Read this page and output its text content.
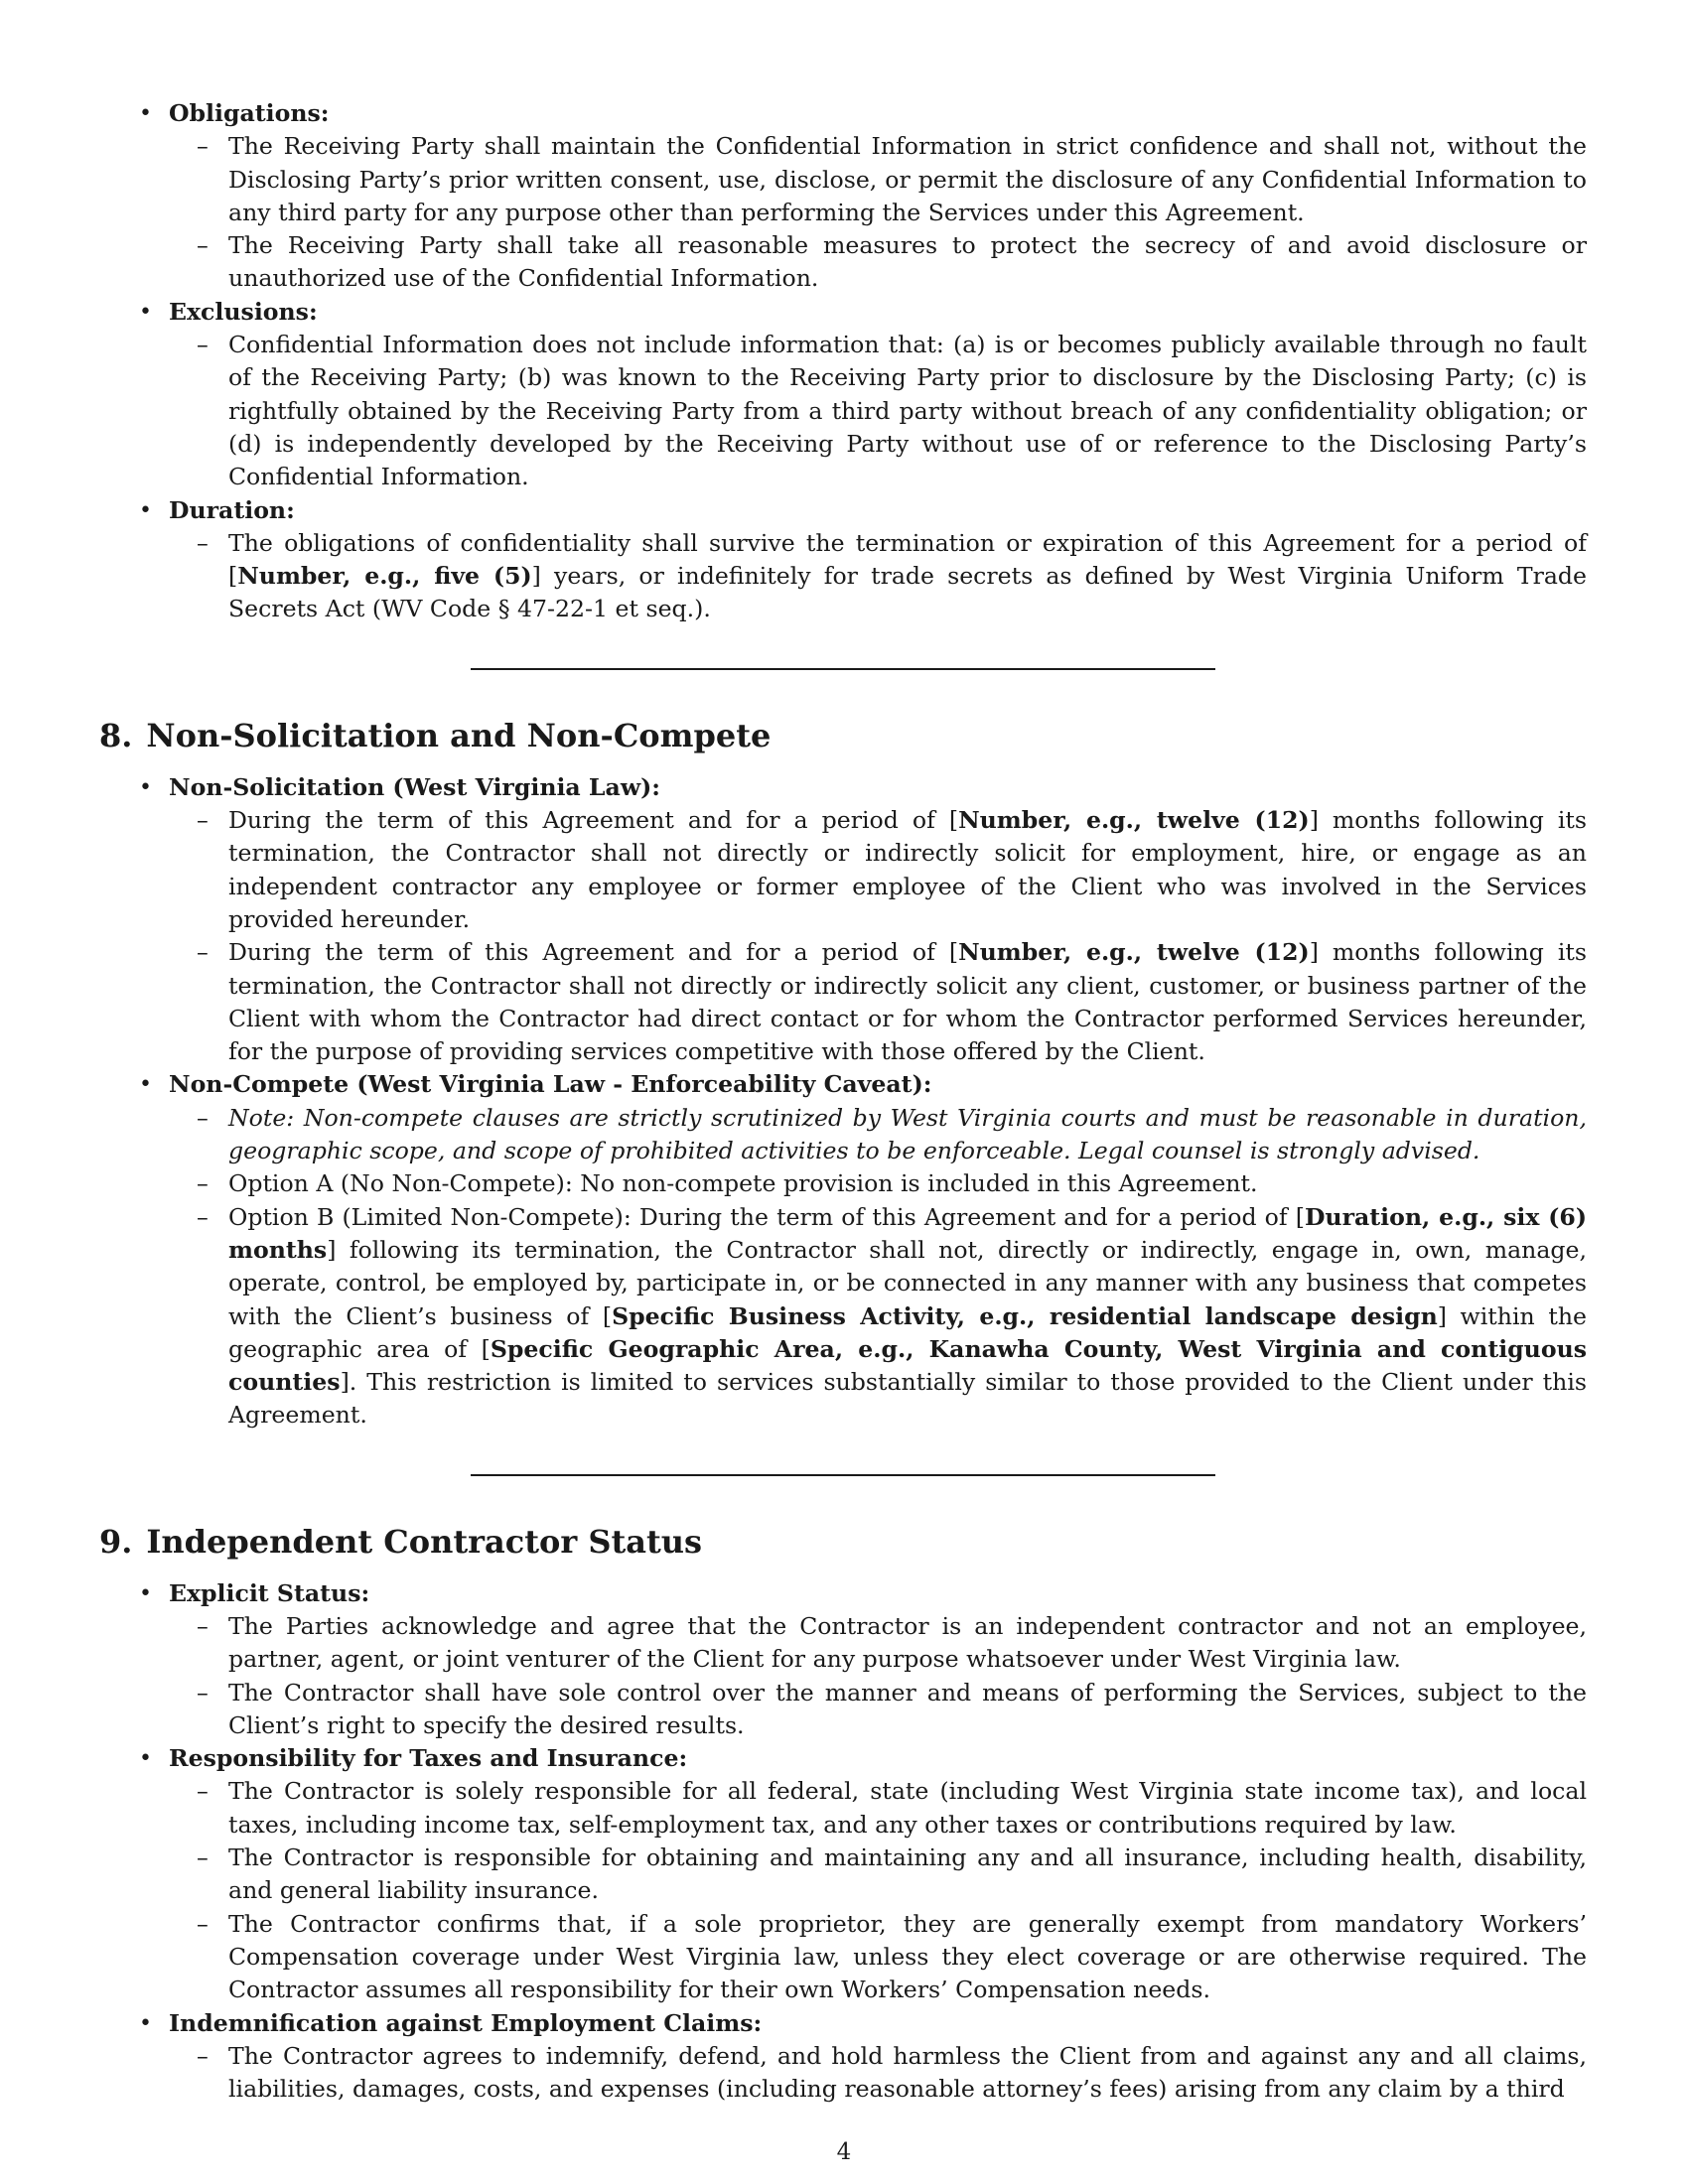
• Obligations:
– The Receiving Party shall maintain the Confidential Information in strict confidence and shall not, without the Disclosing Party’s prior written consent, use, disclose, or permit the disclosure of any Confidential Information to any third party for any purpose other than performing the Services under this Agreement.
– The Receiving Party shall take all reasonable measures to protect the secrecy of and avoid disclosure or unauthorized use of the Confidential Information.
• Exclusions:
– Confidential Information does not include information that: (a) is or becomes publicly available through no fault of the Receiving Party; (b) was known to the Receiving Party prior to disclosure by the Disclosing Party; (c) is rightfully obtained by the Receiving Party from a third party without breach of any confidentiality obligation; or (d) is independently developed by the Receiving Party without use of or reference to the Disclosing Party’s Confidential Information.
• Duration:
– The obligations of confidentiality shall survive the termination or expiration of this Agreement for a period of [Number, e.g., five (5)] years, or indefinitely for trade secrets as defined by West Virginia Uniform Trade Secrets Act (WV Code § 47-22-1 et seq.).
8. Non-Solicitation and Non-Compete
• Non-Solicitation (West Virginia Law):
– During the term of this Agreement and for a period of [Number, e.g., twelve (12)] months following its termination, the Contractor shall not directly or indirectly solicit for employment, hire, or engage as an independent contractor any employee or former employee of the Client who was involved in the Services provided hereunder.
– During the term of this Agreement and for a period of [Number, e.g., twelve (12)] months following its termination, the Contractor shall not directly or indirectly solicit any client, customer, or business partner of the Client with whom the Contractor had direct contact or for whom the Contractor performed Services hereunder, for the purpose of providing services competitive with those offered by the Client.
• Non-Compete (West Virginia Law - Enforceability Caveat):
– Note: Non-compete clauses are strictly scrutinized by West Virginia courts and must be reasonable in duration, geographic scope, and scope of prohibited activities to be enforceable. Legal counsel is strongly advised.
– Option A (No Non-Compete): No non-compete provision is included in this Agreement.
– Option B (Limited Non-Compete): During the term of this Agreement and for a period of [Duration, e.g., six (6) months] following its termination, the Contractor shall not, directly or indirectly, engage in, own, manage, operate, control, be employed by, participate in, or be connected in any manner with any business that competes with the Client’s business of [Specific Business Activity, e.g., residential landscape design] within the geographic area of [Specific Geographic Area, e.g., Kanawha County, West Virginia and contiguous counties]. This restriction is limited to services substantially similar to those provided to the Client under this Agreement.
9. Independent Contractor Status
• Explicit Status:
– The Parties acknowledge and agree that the Contractor is an independent contractor and not an employee, partner, agent, or joint venturer of the Client for any purpose whatsoever under West Virginia law.
– The Contractor shall have sole control over the manner and means of performing the Services, subject to the Client’s right to specify the desired results.
• Responsibility for Taxes and Insurance:
– The Contractor is solely responsible for all federal, state (including West Virginia state income tax), and local taxes, including income tax, self-employment tax, and any other taxes or contributions required by law.
– The Contractor is responsible for obtaining and maintaining any and all insurance, including health, disability, and general liability insurance.
– The Contractor confirms that, if a sole proprietor, they are generally exempt from mandatory Workers’ Compensation coverage under West Virginia law, unless they elect coverage or are otherwise required. The Contractor assumes all responsibility for their own Workers’ Compensation needs.
• Indemnification against Employment Claims:
– The Contractor agrees to indemnify, defend, and hold harmless the Client from and against any and all claims, liabilities, damages, costs, and expenses (including reasonable attorney’s fees) arising from any claim by a third
4
